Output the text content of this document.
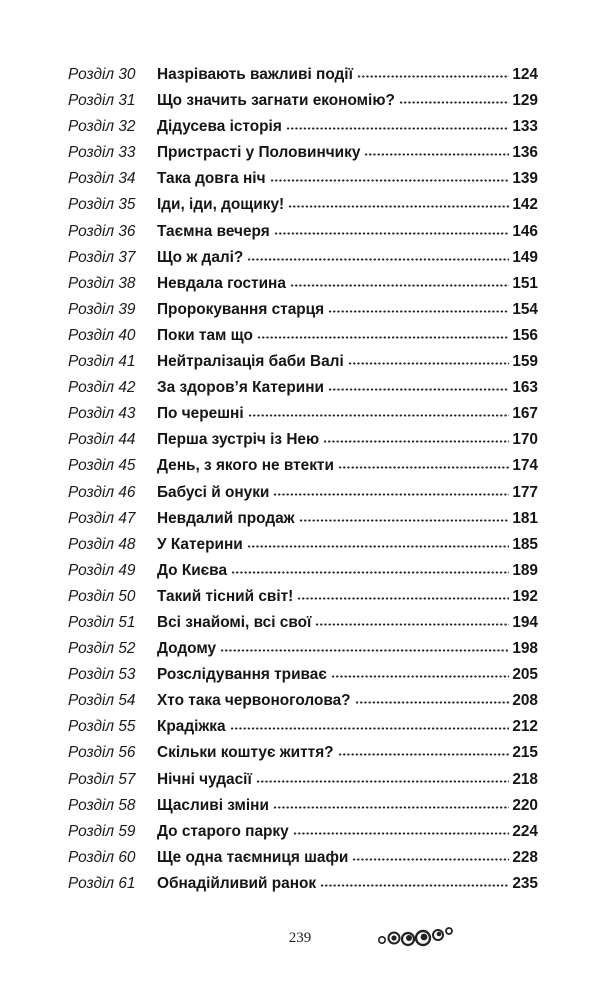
Розділ 30	Назрівають важливі події	124
Розділ 31	Що значить загнати економію?	129
Розділ 32	Дідусева історія	133
Розділ 33	Пристрасті у Половинчику	136
Розділ 34	Така довга ніч	139
Розділ 35	Іди, іди, дощику!	142
Розділ 36	Таємна вечеря	146
Розділ 37	Що ж далі?	149
Розділ 38	Невдала гостина	151
Розділ 39	Пророкування старця	154
Розділ 40	Поки там що	156
Розділ 41	Нейтралізація баби Валі	159
Розділ 42	За здоров’я Катерини	163
Розділ 43	По черешні	167
Розділ 44	Перша зустріч із Нею	170
Розділ 45	День, з якого не втекти	174
Розділ 46	Бабусі й онуки	177
Розділ 47	Невдалий продаж	181
Розділ 48	У Катерини	185
Розділ 49	До Києва	189
Розділ 50	Такий тісний світ!	192
Розділ 51	Всі знайомі, всі свої	194
Розділ 52	Додому	198
Розділ 53	Розслідування триває	205
Розділ 54	Хто така червоноголова?	208
Розділ 55	Крадіжка	212
Розділ 56	Скільки коштує життя?	215
Розділ 57	Нічні чудасії	218
Розділ 58	Щасливі зміни	220
Розділ 59	До старого парку	224
Розділ 60	Ще одна таємниця шафи	228
Розділ 61	Обнадійливий ранок	235
239
